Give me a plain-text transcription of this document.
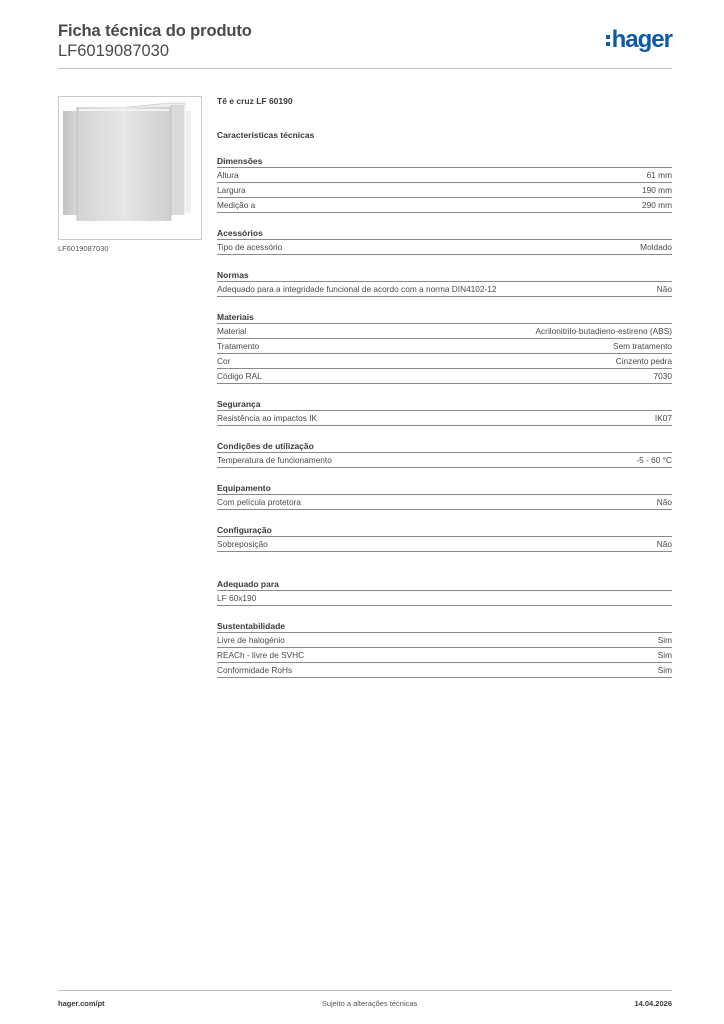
Ficha técnica do produto
LF6019087030	hager
LF6019087030
Tê e cruz LF 60190
Características técnicas
Dimensões
Altura	61 mm
Largura	190 mm
Medição a	290 mm
Acessórios
Tipo de acessório	Moldado
Normas
Adequado para a integridade funcional de acordo com a norma DIN4102-12	Não
Materiais
Material	Acrilonitrilo-butadieno-estireno (ABS)
Tratamento	Sem tratamento
Cor	Cinzento pedra
Código RAL	7030
Segurança
Resistência ao impactos IK	IK07
Condições de utilização
Temperatura de funcionamento	-5 - 60 °C
Equipamento
Com película protetora	Não
Configuração
Sobreposição	Não
Adequado para
LF 60x190
Sustentabilidade
Livre de halogénio	Sim
REACh - livre de SVHC	Sim
Conformidade RoHs	Sim
hager.com/pt	Sujeito a alterações técnicas	14.04.2026
